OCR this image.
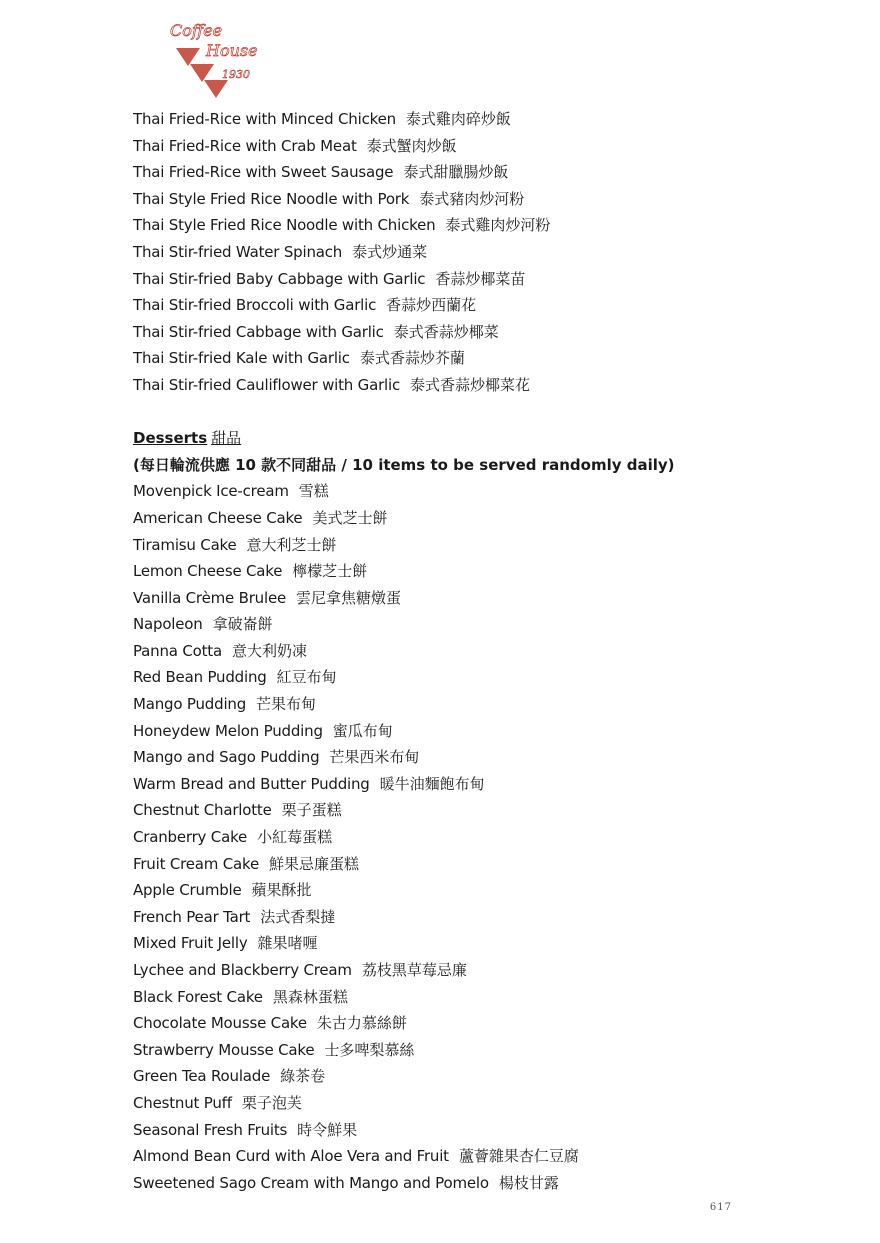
Coffee
House
1930
Thai Fried-Rice with Minced Chicken 泰式雞肉碎炒飯
Thai Fried-Rice with Crab Meat 泰式蟹肉炒飯
Thai Fried-Rice with Sweet Sausage 泰式甜臘腸炒飯
Thai Style Fried Rice Noodle with Pork 泰式豬肉炒河粉
Thai Style Fried Rice Noodle with Chicken 泰式雞肉炒河粉
Thai Stir-fried Water Spinach 泰式炒通菜
Thai Stir-fried Baby Cabbage with Garlic 香蒜炒椰菜苗
Thai Stir-fried Broccoli with Garlic 香蒜炒西蘭花
Thai Stir-fried Cabbage with Garlic 泰式香蒜炒椰菜
Thai Stir-fried Kale with Garlic 泰式香蒜炒芥蘭
Thai Stir-fried Cauliflower with Garlic 泰式香蒜炒椰菜花
Desserts 甜品
(每日輪流供應 10 款不同甜品 / 10 items to be served randomly daily)
Movenpick Ice-cream 雪糕
American Cheese Cake 美式芝士餅
Tiramisu Cake 意大利芝士餅
Lemon Cheese Cake 檸檬芝士餅
Vanilla Crème Brulee 雲尼拿焦糖燉蛋
Napoleon 拿破崙餅
Panna Cotta 意大利奶凍
Red Bean Pudding 紅豆布甸
Mango Pudding 芒果布甸
Honeydew Melon Pudding 蜜瓜布甸
Mango and Sago Pudding 芒果西米布甸
Warm Bread and Butter Pudding 暖牛油麵飽布甸
Chestnut Charlotte 栗子蛋糕
Cranberry Cake 小紅莓蛋糕
Fruit Cream Cake 鮮果忌廉蛋糕
Apple Crumble 蘋果酥批
French Pear Tart 法式香梨撻
Mixed Fruit Jelly 雜果啫喱
Lychee and Blackberry Cream 荔枝黑草莓忌廉
Black Forest Cake 黑森林蛋糕
Chocolate Mousse Cake 朱古力慕絲餅
Strawberry Mousse Cake 士多啤梨慕絲
Green Tea Roulade 綠茶卷
Chestnut Puff 栗子泡芙
Seasonal Fresh Fruits 時令鮮果
Almond Bean Curd with Aloe Vera and Fruit 蘆薈雜果杏仁豆腐
Sweetened Sago Cream with Mango and Pomelo 楊枝甘露
617
